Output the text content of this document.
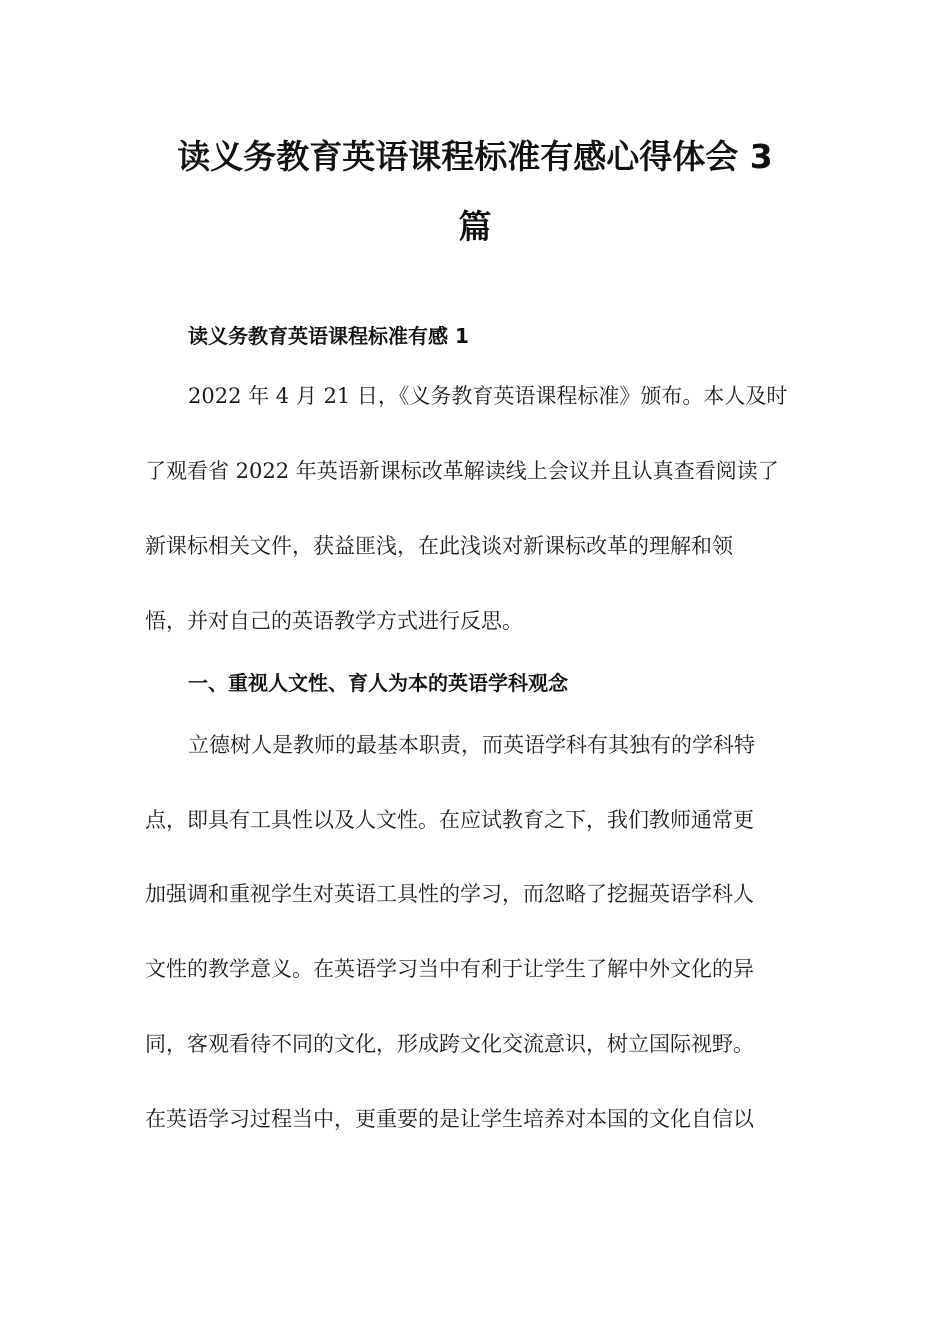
读义务教育英语课程标准有感心得体会 3
篇
读义务教育英语课程标准有感 1
2022 年 4 月 21 日，《义务教育英语课程标准》颁布。本人及时
了观看省 2022 年英语新课标改革解读线上会议并且认真查看阅读了
新课标相关文件，获益匪浅，在此浅谈对新课标改革的理解和领
悟，并对自己的英语教学方式进行反思。
一、重视人文性、育人为本的英语学科观念
立德树人是教师的最基本职责，而英语学科有其独有的学科特
点，即具有工具性以及人文性。在应试教育之下，我们教师通常更
加强调和重视学生对英语工具性的学习，而忽略了挖掘英语学科人
文性的教学意义。在英语学习当中有利于让学生了解中外文化的异
同，客观看待不同的文化，形成跨文化交流意识，树立国际视野。
在英语学习过程当中，更重要的是让学生培养对本国的文化自信以
